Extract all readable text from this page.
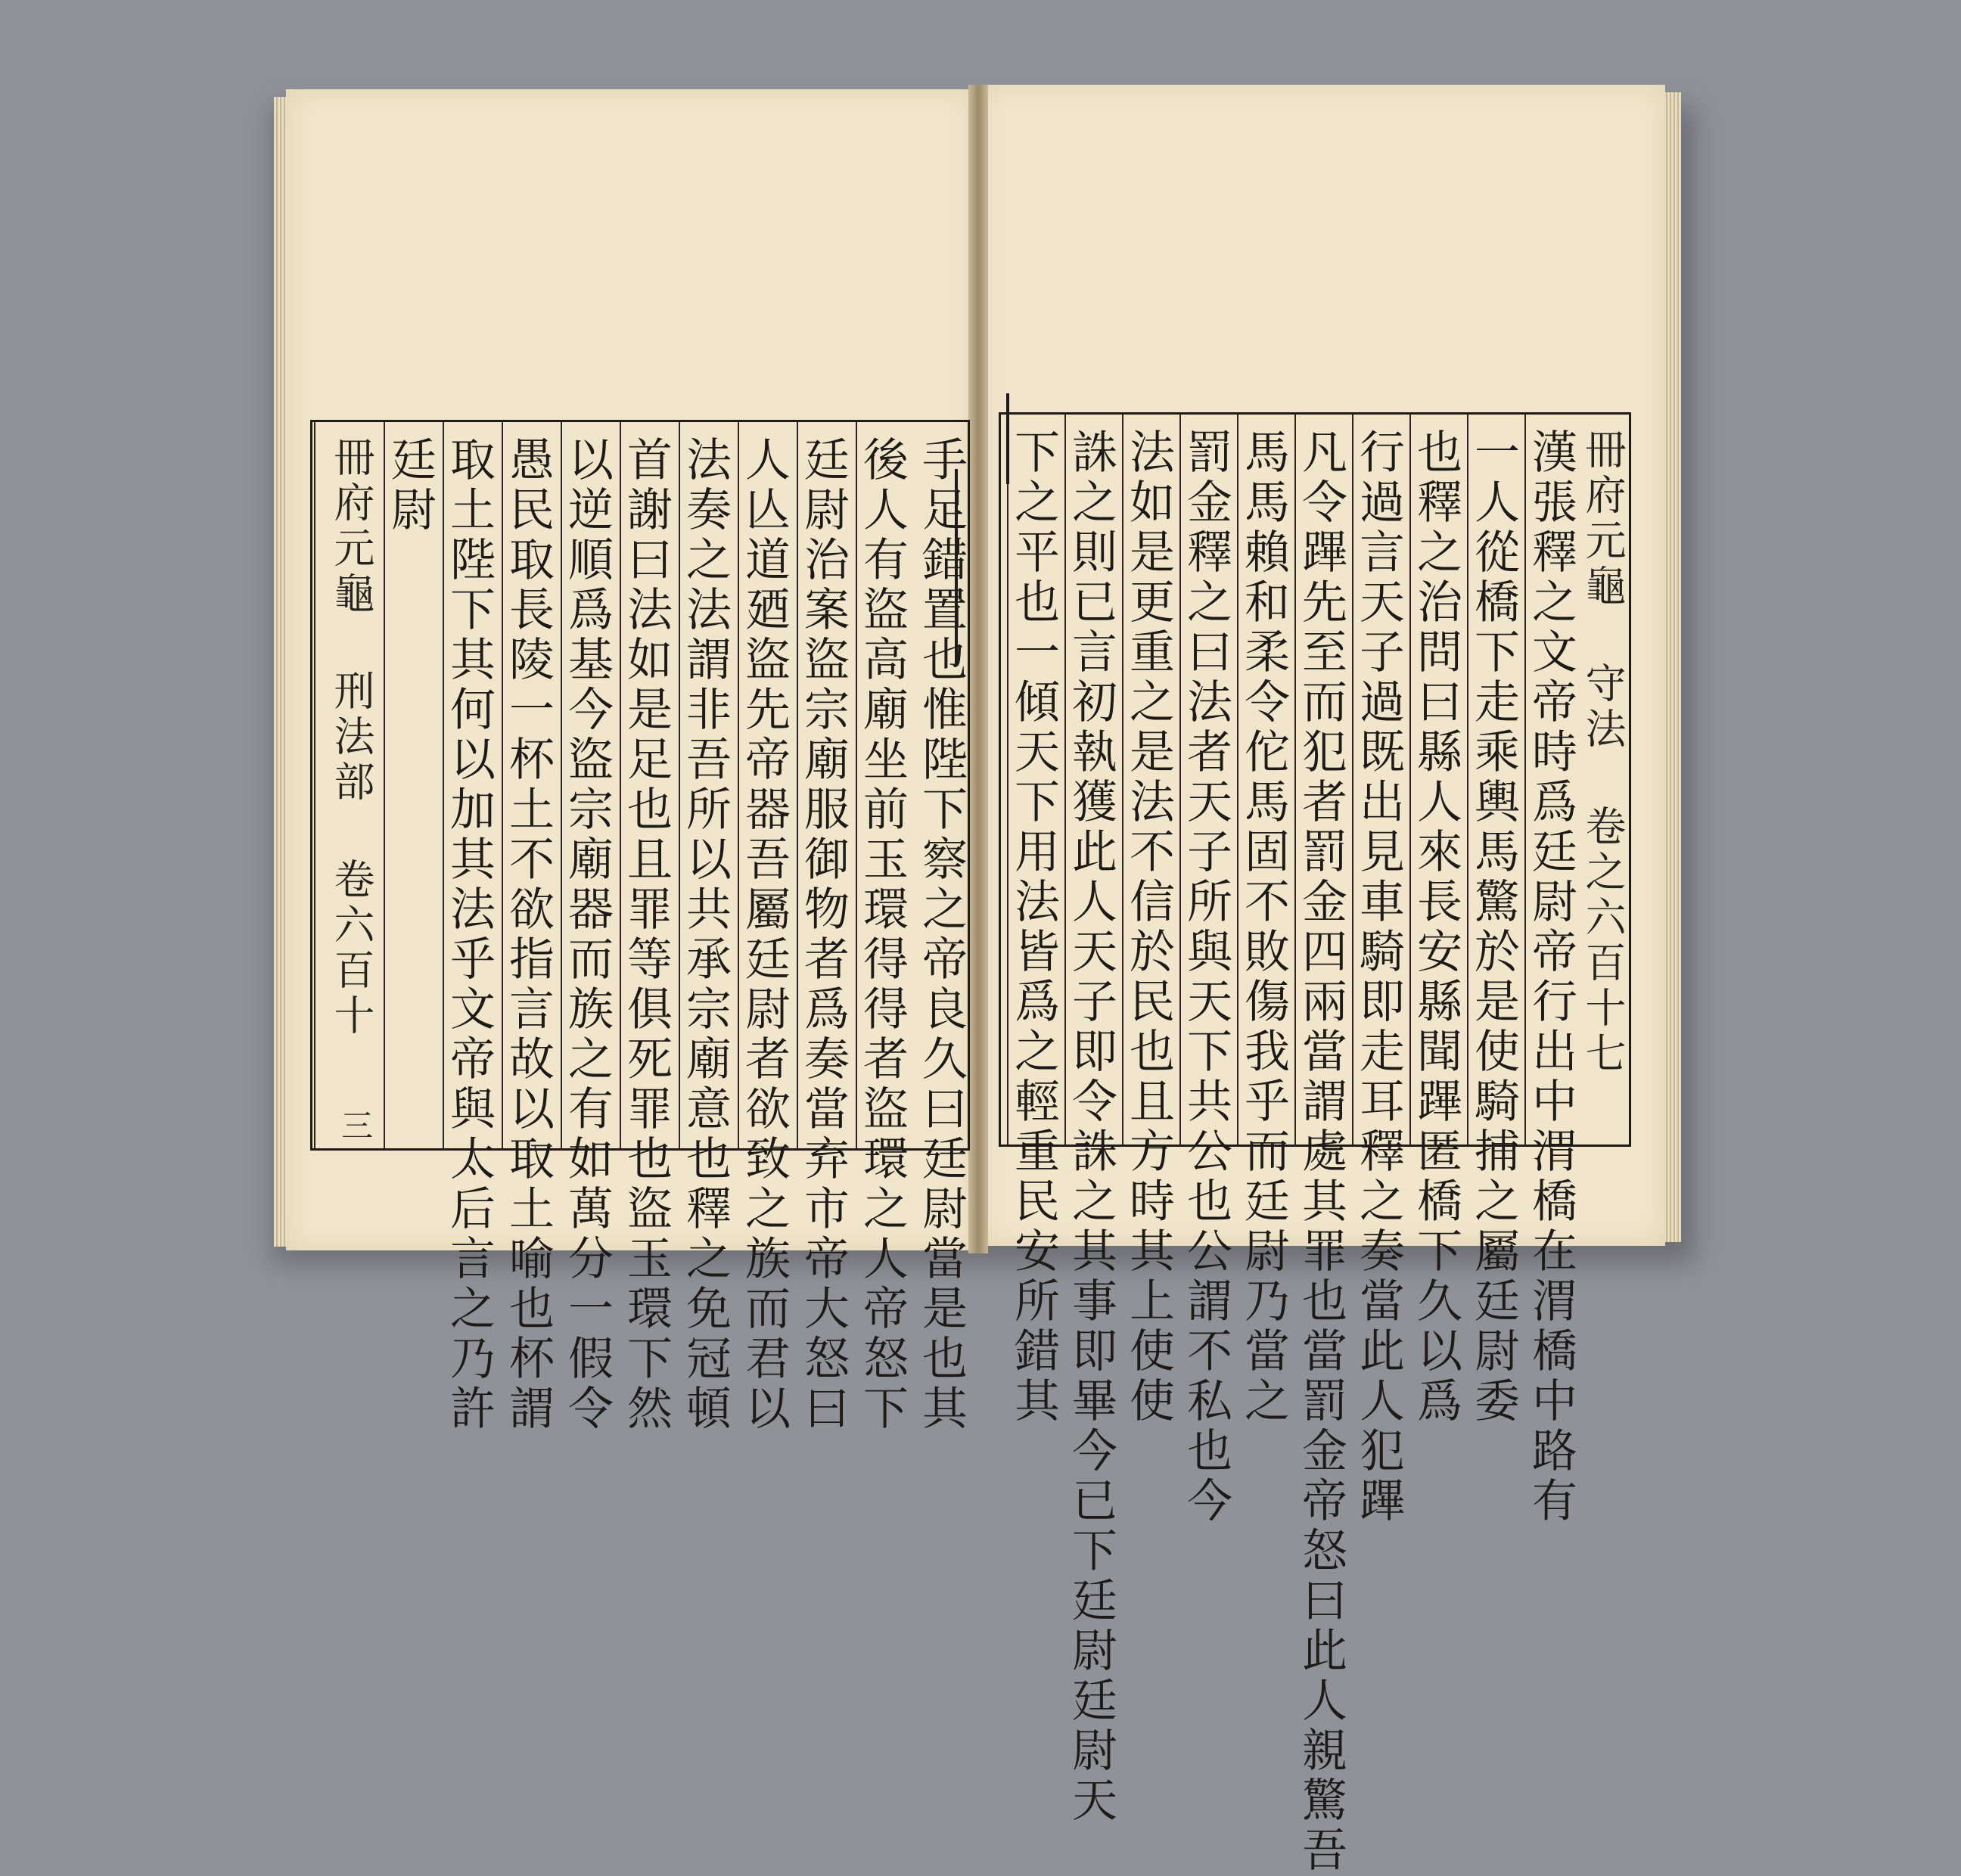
手足錯置也惟陛下察之帝良久曰廷尉當是也其
後人有盜高廟坐前玉環得得者盜環之人帝怒下
廷尉治案盜宗廟服御物者爲奏當弃市帝大怒曰
人亾道廼盜先帝器吾屬廷尉者欲致之族而君以
法奏之法謂非吾所以共承宗廟意也釋之免冠頓
首謝曰法如是足也且罪等俱死罪也盜玉環下然
以逆順爲基今盜宗廟器而族之有如萬分一假令
愚民取長陵一杯土不欲指言故以取土喻也杯謂
取土陛下其何以加其法乎文帝與太后言之乃許
廷尉
冊府元龜 刑法部 卷六百十
三
冊府元龜 守法 卷之六百十七
漢張釋之文帝時爲廷尉帝行出中渭橋在渭橋中路有
一人從橋下走乘輿馬驚於是使騎捕之屬廷尉委
也釋之治問曰縣人來長安縣聞蹕匿橋下久以爲
行過言天子過既出見車騎即走耳釋之奏當此人犯蹕
凡令蹕先至而犯者罰金四兩當謂處其罪也當罰金帝怒曰此人親驚吾
馬馬賴和柔令佗馬固不敗傷我乎而廷尉乃當之
罰金釋之曰法者天子所與天下共公也公謂不私也今
法如是更重之是法不信於民也且方時其上使使
誅之則已言初執獲此人天子即令誅之其事即畢今已下廷尉廷尉天
下之平也一傾天下用法皆爲之輕重民安所錯其
